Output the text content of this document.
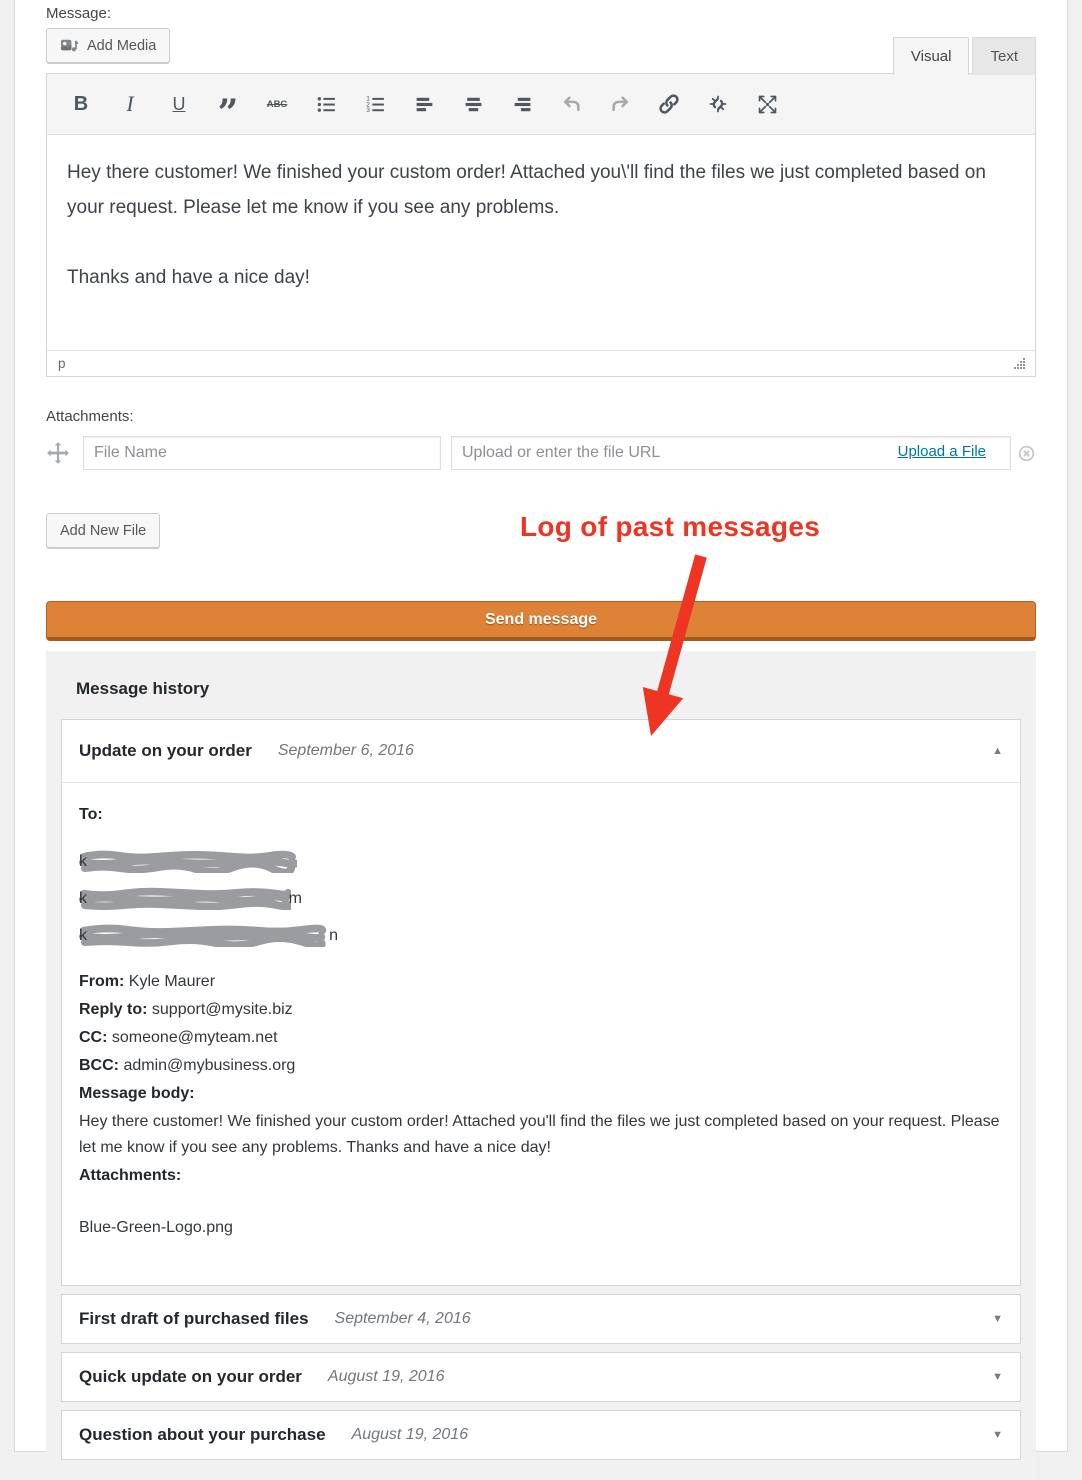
Message:
Add Media
Visual	Text
B I U ”	ABC	1
2
3

Hey there customer! We finished your custom order! Attached you\'ll find the files we just completed based on your request. Please let me know if you see any problems.

Thanks and have a nice day!

p
Attachments:
File Name
Upload or enter the file URL
Upload a File
Add New File	Log of past messages
Send message
Message history
Update on your order September 6, 2016	▲
To:
k
k	m
k	n
From: Kyle Maurer
Reply to: support@mysite.biz
CC: someone@myteam.net
BCC: admin@mybusiness.org
Message body:
Hey there customer! We finished your custom order! Attached you'll find the files we just completed based on your request. Please let me know if you see any problems. Thanks and have a nice day!
Attachments:
Blue-Green-Logo.png
First draft of purchased files September 4, 2016	▼
Quick update on your order August 19, 2016	▼
Question about your purchase August 19, 2016	▼
